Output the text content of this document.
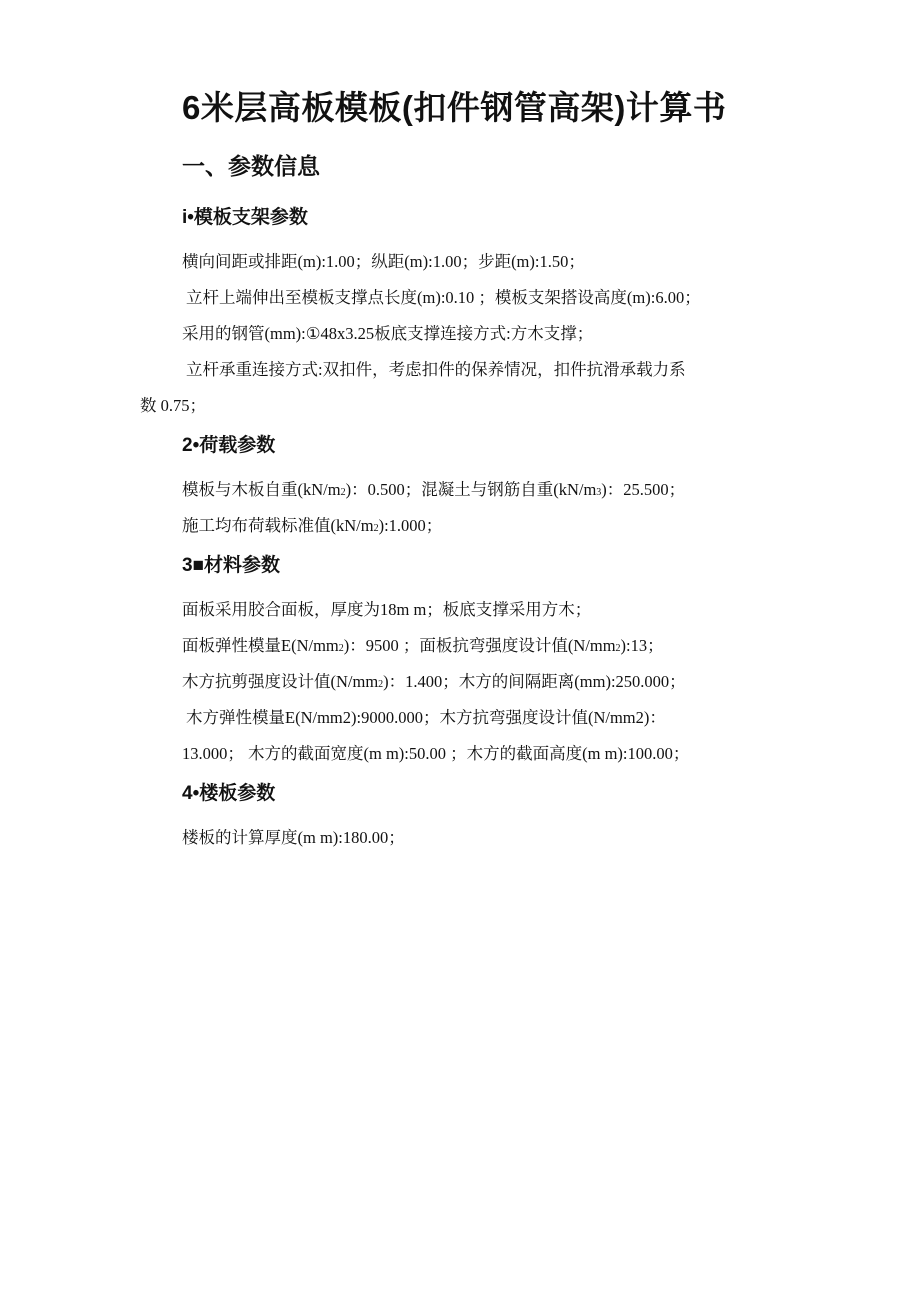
6米层高板模板(扣件钢管高架)计算书
一、参数信息
i•模板支架参数
横向间距或排距(m):1.00；纵距(m):1.00；步距(m):1.50；
立杆上端伸出至模板支撑点长度(m):0.10 ；模板支架搭设高度(m):6.00；
采用的钢管(mm):①48x3.25板底支撑连接方式:方木支撑；
立杆承重连接方式:双扣件，考虑扣件的保养情况，扣件抗滑承载力系
数 0.75；
2•荷载参数
模板与木板自重(kN/m2)：0.500；混凝土与钢筋自重(kN/m3)：25.500；
施工均布荷载标准值(kN/m2):1.000；
3■材料参数
面板采用胶合面板，厚度为18m m；板底支撑采用方木；
面板弹性模量E(N/mm2)：9500 ；面板抗弯强度设计值(N/mm2):13；
木方抗剪强度设计值(N/mm2)：1.400；木方的间隔距离(mm):250.000；
木方弹性模量E(N/mm2):9000.000；木方抗弯强度设计值(N/mm2)：
13.000； 木方的截面宽度(m m):50.00 ；木方的截面高度(m m):100.00；
4•楼板参数
楼板的计算厚度(m m):180.00；
